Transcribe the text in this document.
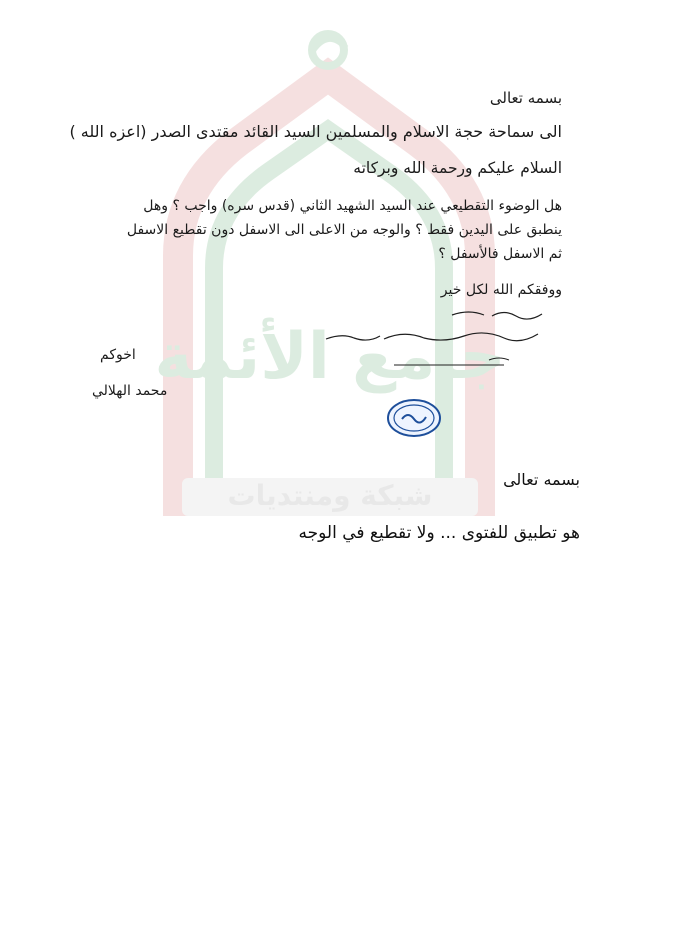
شبكة ومنتديات
جامع الأئمة
بسمه تعالى
الى سماحة حجة الاسلام والمسلمين السيد القائد مقتدى الصدر (اعزه الله )
السلام عليكم ورحمة الله وبركاته
هل الوضوء التقطيعي عند السيد الشهيد الثاني (قدس سره) واجب ؟ وهل ينطبق على اليدين فقط ؟ والوجه من الاعلى الى الاسفل دون تقطيع الاسفل ثم الاسفل فالأسفل ؟
ووفقكم الله لكل خير
اخوكم
محمد الهلالي
بسمه تعالى
هو تطبيق للفتوى ... ولا تقطيع في الوجه
